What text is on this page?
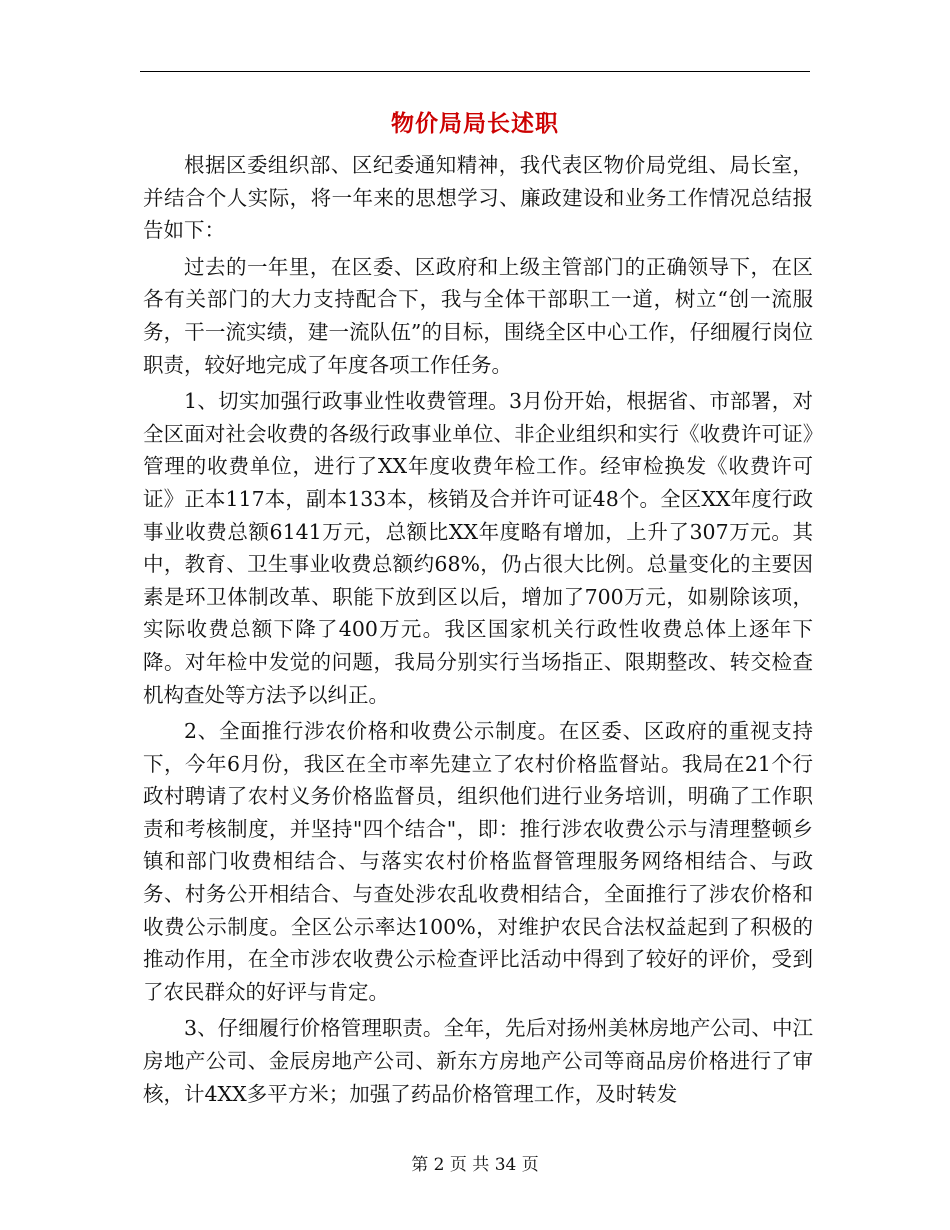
物价局局长述职

根据区委组织部、区纪委通知精神，我代表区物价局党组、局长室，并结合个人实际，将一年来的思想学习、廉政建设和业务工作情况总结报告如下：

过去的一年里，在区委、区政府和上级主管部门的正确领导下，在区各有关部门的大力支持配合下，我与全体干部职工一道，树立“创一流服务，干一流实绩，建一流队伍”的目标，围绕全区中心工作，仔细履行岗位职责，较好地完成了年度各项工作任务。

1、切实加强行政事业性收费管理。3月份开始，根据省、市部署，对全区面对社会收费的各级行政事业单位、非企业组织和实行《收费许可证》管理的收费单位，进行了XX年度收费年检工作。经审检换发《收费许可证》正本117本，副本133本，核销及合并许可证48个。全区XX年度行政事业收费总额6141万元，总额比XX年度略有增加，上升了307万元。其中，教育、卫生事业收费总额约68%，仍占很大比例。总量变化的主要因素是环卫体制改革、职能下放到区以后，增加了700万元，如剔除该项，实际收费总额下降了400万元。我区国家机关行政性收费总体上逐年下降。对年检中发觉的问题，我局分别实行当场指正、限期整改、转交检查机构查处等方法予以纠正。

2、全面推行涉农价格和收费公示制度。在区委、区政府的重视支持下，今年6月份，我区在全市率先建立了农村价格监督站。我局在21个行政村聘请了农村义务价格监督员，组织他们进行业务培训，明确了工作职责和考核制度，并坚持"四个结合"，即：推行涉农收费公示与清理整顿乡镇和部门收费相结合、与落实农村价格监督管理服务网络相结合、与政务、村务公开相结合、与查处涉农乱收费相结合，全面推行了涉农价格和收费公示制度。全区公示率达100%，对维护农民合法权益起到了积极的推动作用，在全市涉农收费公示检查评比活动中得到了较好的评价，受到了农民群众的好评与肯定。

3、仔细履行价格管理职责。全年，先后对扬州美林房地产公司、中江房地产公司、金辰房地产公司、新东方房地产公司等商品房价格进行了审核，计4XX多平方米；加强了药品价格管理工作，及时转发

第 2 页 共 34 页
